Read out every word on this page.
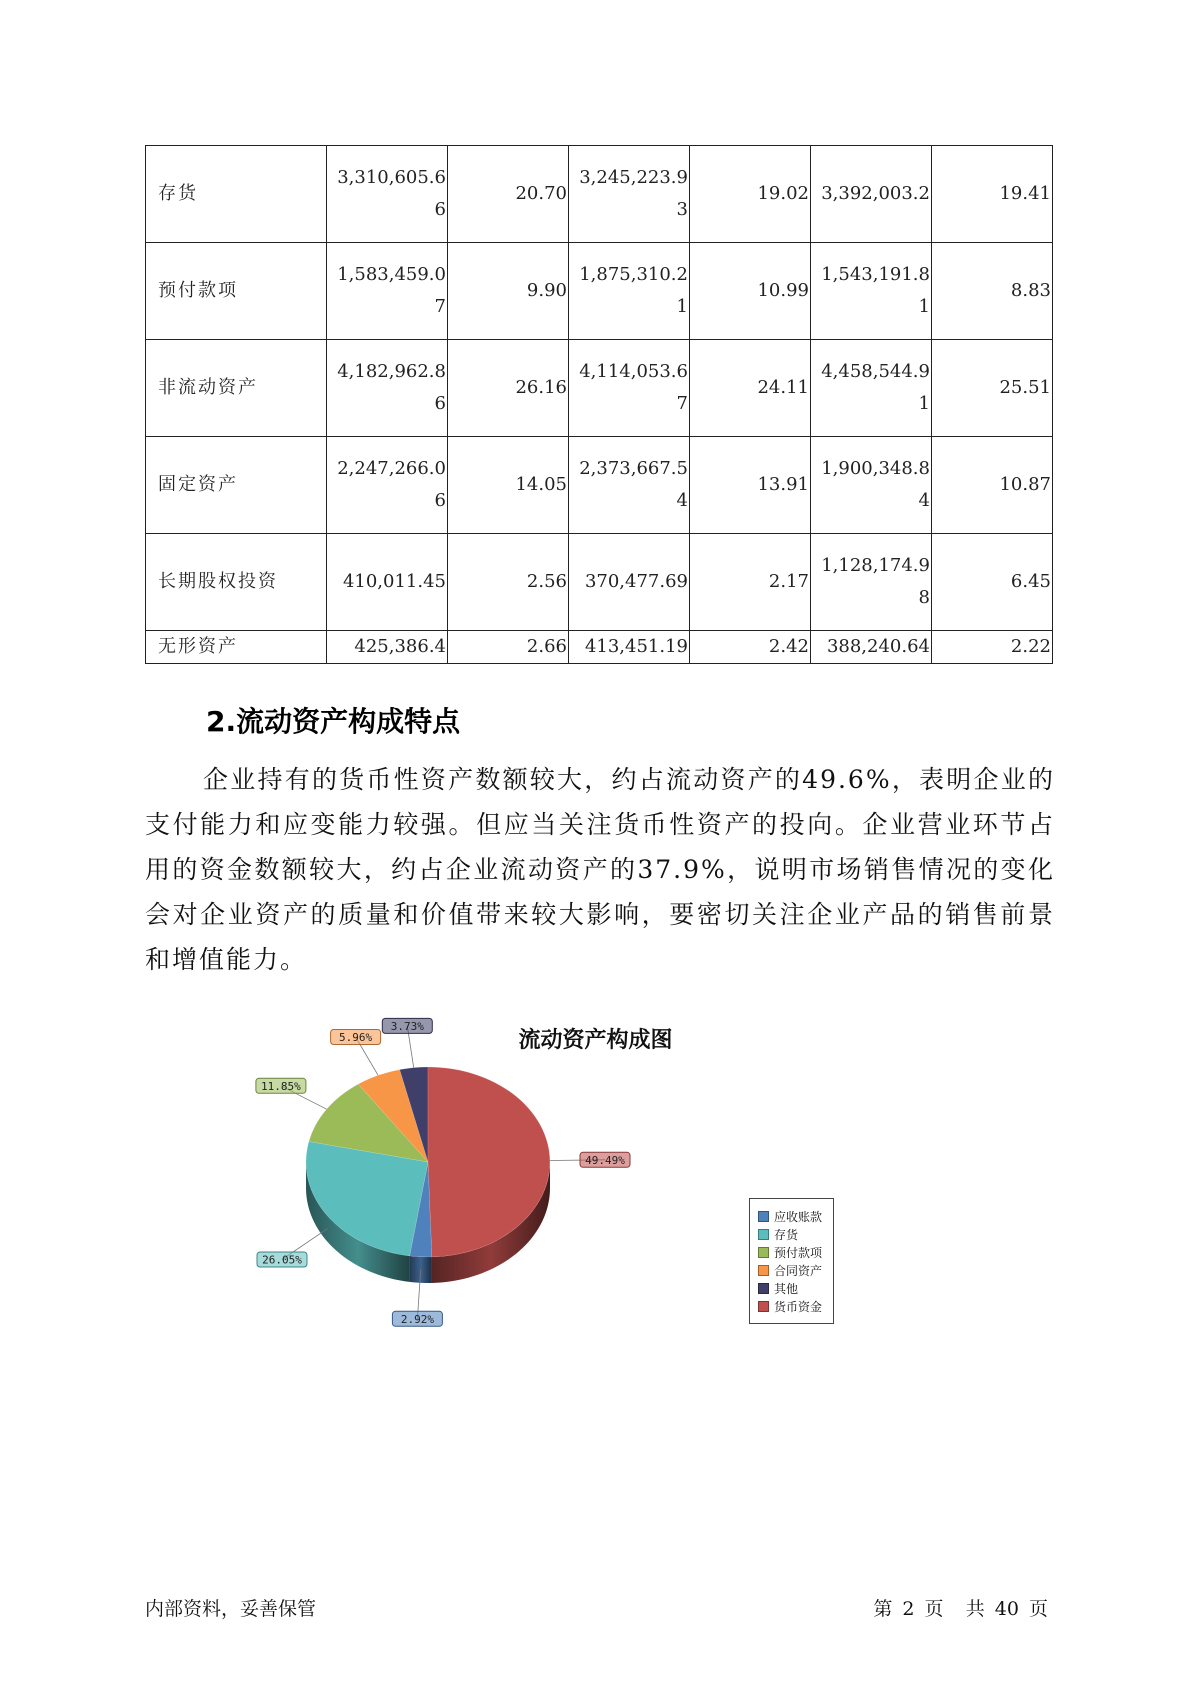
存货	3,310,605.66	20.70	3,245,223.93	19.02	3,392,003.2	19.41
预付款项	1,583,459.07	9.90	1,875,310.21	10.99	1,543,191.81	8.83
非流动资产	4,182,962.86	26.16	4,114,053.67	24.11	4,458,544.91	25.51
固定资产	2,247,266.06	14.05	2,373,667.54	13.91	1,900,348.84	10.87
长期股权投资	410,011.45	2.56	370,477.69	2.17	1,128,174.98	6.45
无形资产	425,386.4	2.66	413,451.19	2.42	388,240.64	2.22
2.流动资产构成特点

企业持有的货币性资产数额较大，约占流动资产的49.6%，表明企业的支付能力和应变能力较强。但应当关注货币性资产的投向。企业营业环节占用的资金数额较大，约占企业流动资产的37.9%，说明市场销售情况的变化会对企业资产的质量和价值带来较大影响，要密切关注企业产品的销售前景和增值能力。

流动资产构成图
2.92%
26.05%
11.85%
5.96%
3.73%
49.49%
应收账款
存货
预付款项
合同资产
其他
货币资金
内部资料，妥善保管	第 2 页 共 40 页
